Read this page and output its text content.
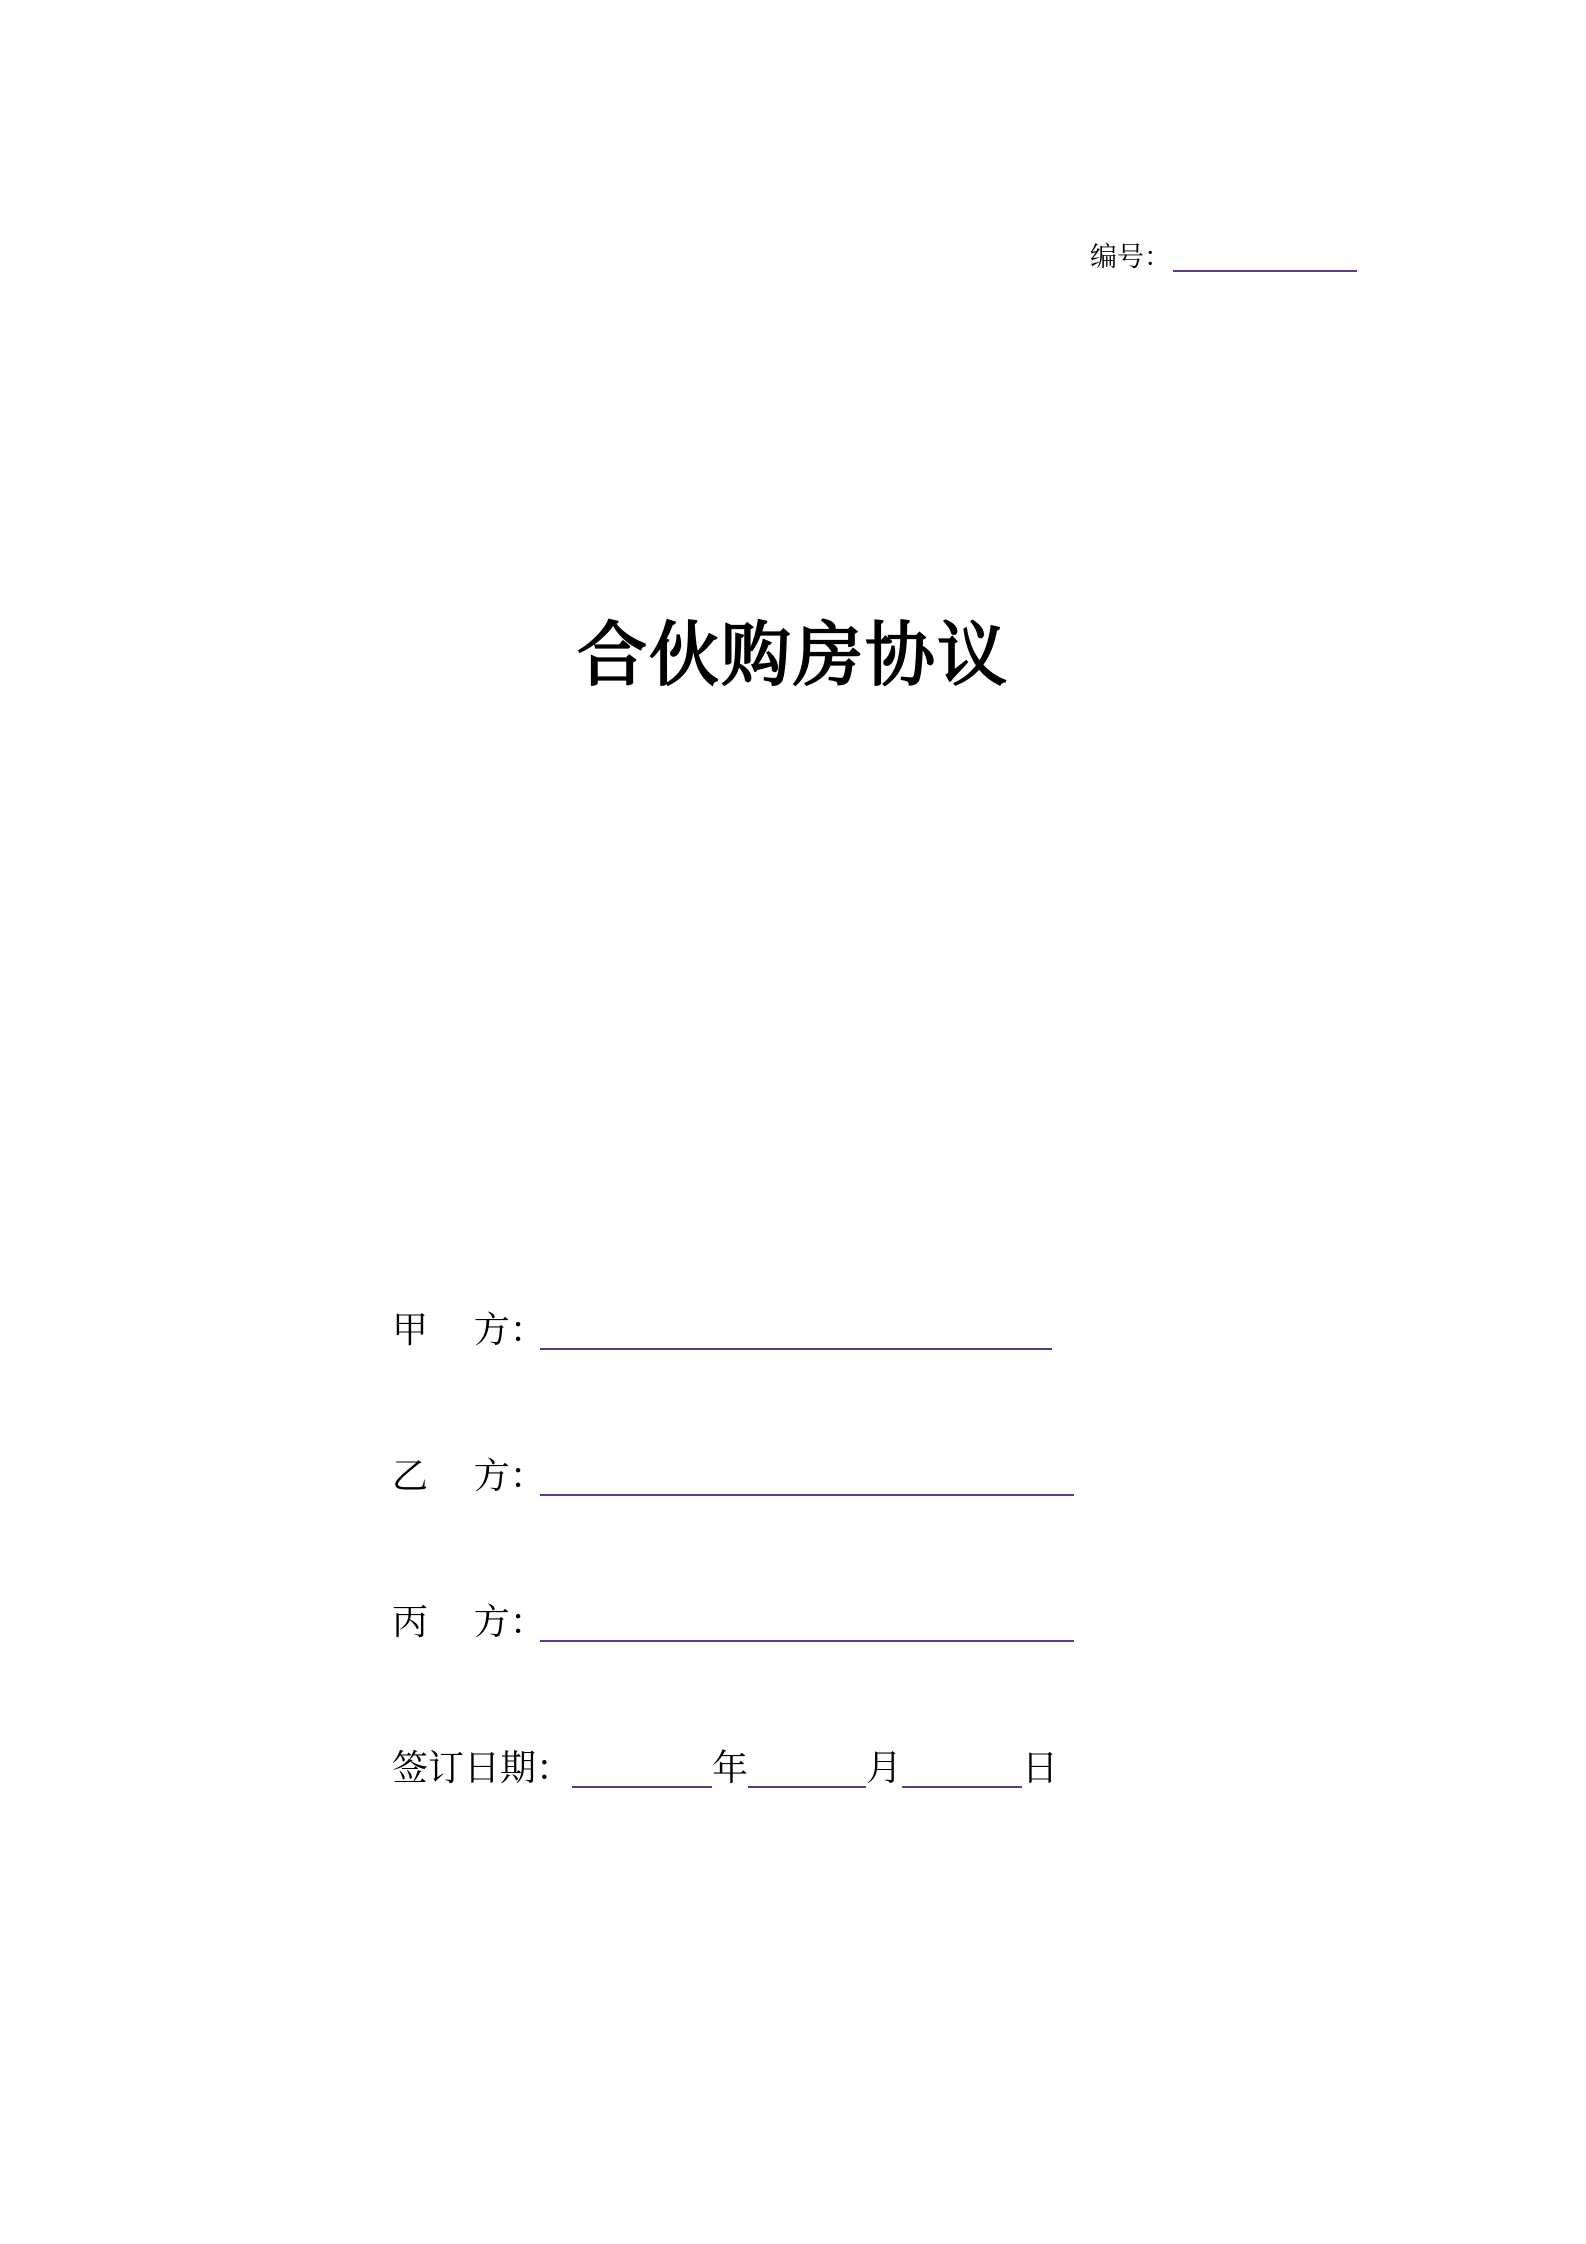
编号：
合伙购房协议
甲    方：
乙    方：
丙    方：
签订日期：	年	月	日
